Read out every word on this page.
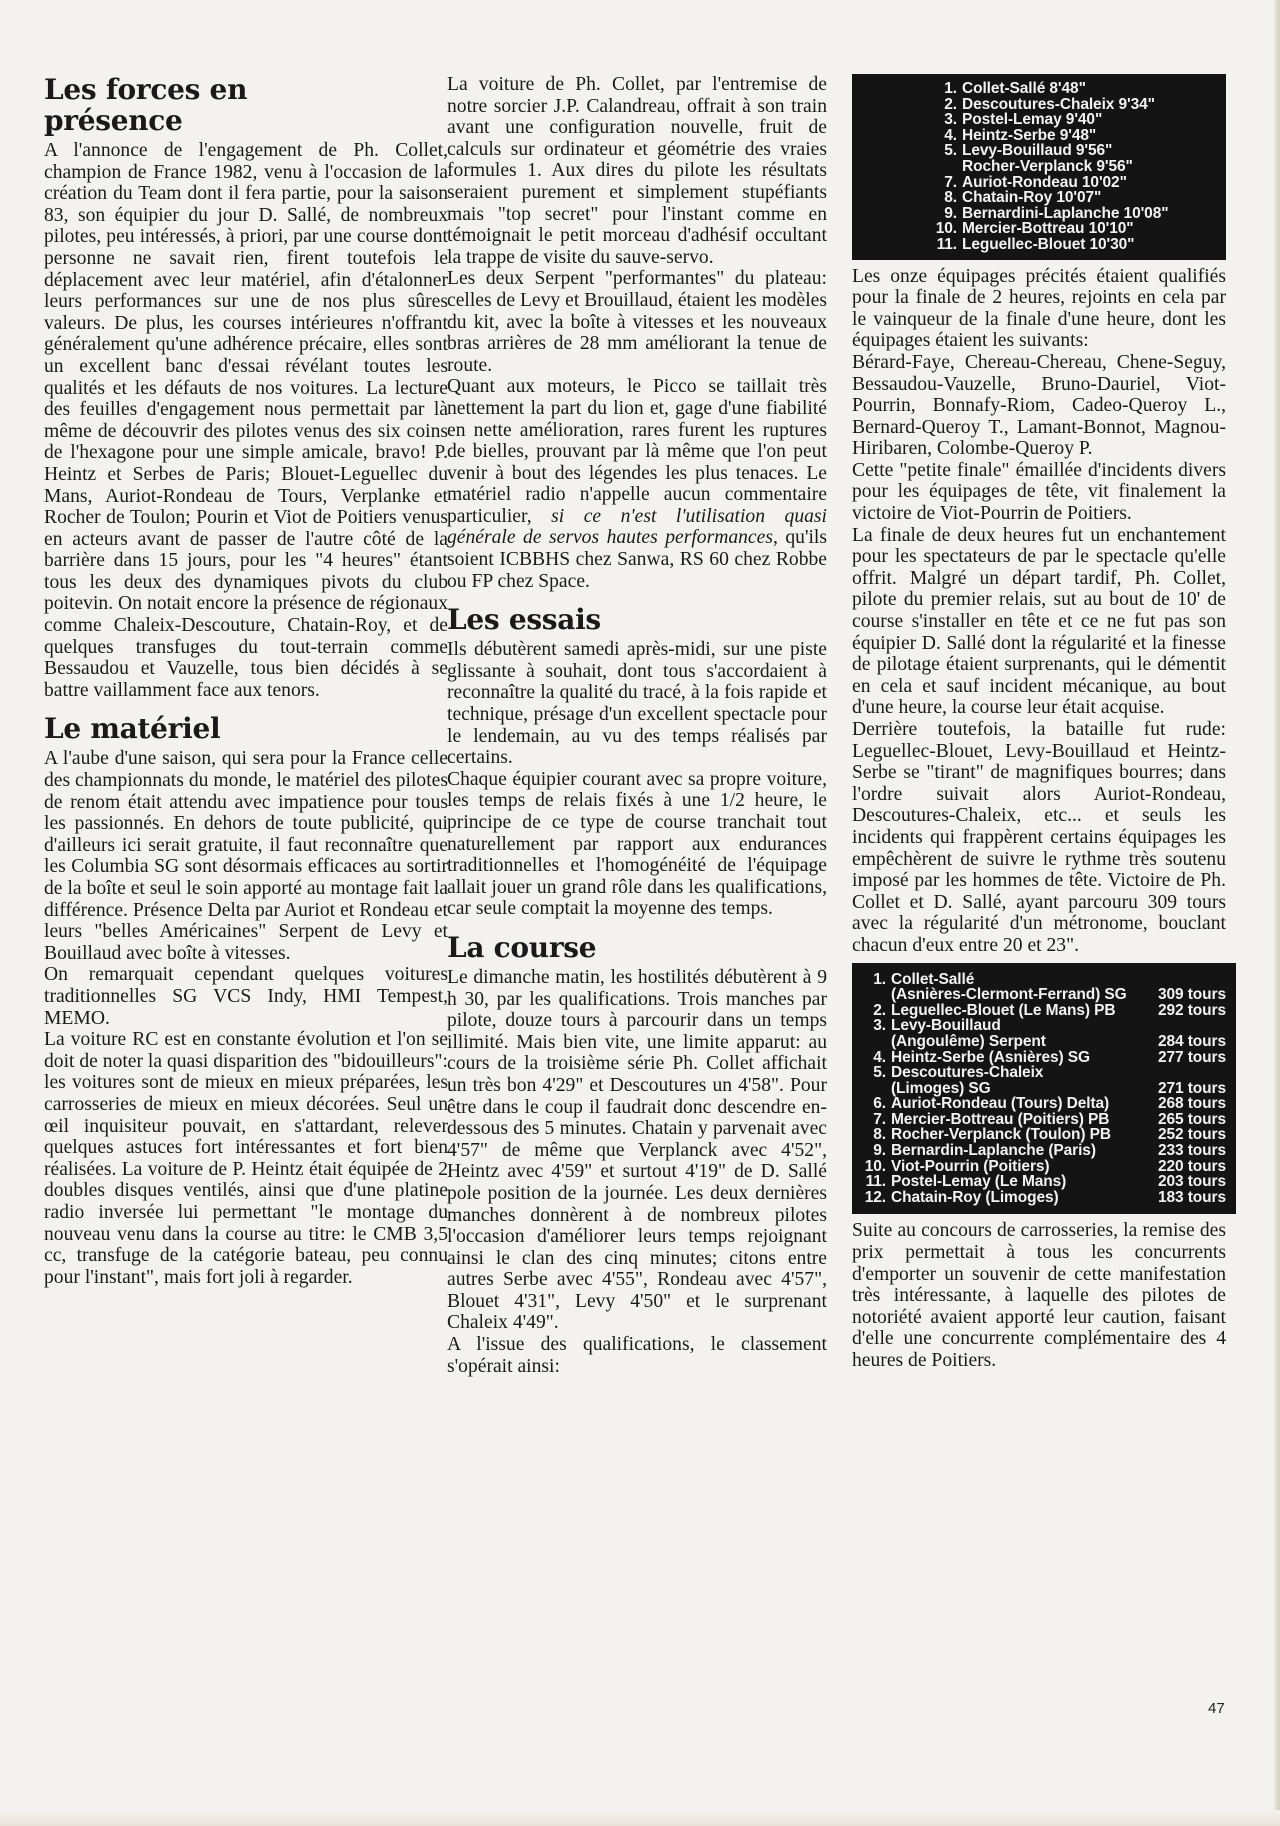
Les forces en présence

A l'annonce de l'engagement de Ph. Collet, champion de France 1982, venu à l'occasion de la création du Team dont il fera partie, pour la saison 83, son équipier du jour D. Sallé, de nombreux pilotes, peu intéressés, à priori, par une course dont personne ne savait rien, firent toutefois le déplacement avec leur matériel, afin d'étalonner leurs performances sur une de nos plus sûres valeurs. De plus, les courses intérieures n'offrant généralement qu'une adhérence précaire, elles sont un excellent banc d'essai révélant toutes les qualités et les défauts de nos voitures. La lecture des feuilles d'engagement nous permettait par là même de découvrir des pilotes venus des six coins de l'hexagone pour une simple amicale, bravo! P. Heintz et Serbes de Paris; Blouet-Leguellec du Mans, Auriot-Rondeau de Tours, Verplanke et Rocher de Toulon; Pourin et Viot de Poitiers venus en acteurs avant de passer de l'autre côté de la barrière dans 15 jours, pour les "4 heures" étant tous les deux des dynamiques pivots du club poitevin. On notait encore la présence de régionaux comme Chaleix-Descouture, Chatain-Roy, et de quelques transfuges du tout-terrain comme Bessaudou et Vauzelle, tous bien décidés à se battre vaillamment face aux tenors.

Le matériel

A l'aube d'une saison, qui sera pour la France celle des championnats du monde, le matériel des pilotes de renom était attendu avec impatience pour tous les passionnés. En dehors de toute publicité, qui d'ailleurs ici serait gratuite, il faut reconnaître que les Columbia SG sont désormais efficaces au sortir de la boîte et seul le soin apporté au montage fait la différence. Présence Delta par Auriot et Rondeau et leurs "belles Américaines" Serpent de Levy et Bouillaud avec boîte à vitesses.

On remarquait cependant quelques voitures traditionnelles SG VCS Indy, HMI Tempest, MEMO.

La voiture RC est en constante évolution et l'on se doit de noter la quasi disparition des "bidouilleurs": les voitures sont de mieux en mieux préparées, les carrosseries de mieux en mieux décorées. Seul un œil inquisiteur pouvait, en s'attardant, relever quelques astuces fort intéressantes et fort bien réalisées. La voiture de P. Heintz était équipée de 2 doubles disques ventilés, ainsi que d'une platine radio inversée lui permettant "le montage du nouveau venu dans la course au titre: le CMB 3,5 cc, transfuge de la catégorie bateau, peu connu pour l'instant", mais fort joli à regarder.

La voiture de Ph. Collet, par l'entremise de notre sorcier J.P. Calandreau, offrait à son train avant une configuration nouvelle, fruit de calculs sur ordinateur et géométrie des vraies formules 1. Aux dires du pilote les résultats seraient purement et simplement stupéfiants mais "top secret" pour l'instant comme en témoignait le petit morceau d'adhésif occultant la trappe de visite du sauve-servo.

Les deux Serpent "performantes" du plateau: celles de Levy et Brouillaud, étaient les modèles du kit, avec la boîte à vitesses et les nouveaux bras arrières de 28 mm améliorant la tenue de route.

Quant aux moteurs, le Picco se taillait très nettement la part du lion et, gage d'une fiabilité en nette amélioration, rares furent les ruptures de bielles, prouvant par là même que l'on peut venir à bout des légendes les plus tenaces. Le matériel radio n'appelle aucun commentaire particulier, si ce n'est l'utilisation quasi générale de servos hautes performances, qu'ils soient ICBBHS chez Sanwa, RS 60 chez Robbe ou FP chez Space.

Les essais

Ils débutèrent samedi après-midi, sur une piste glissante à souhait, dont tous s'accordaient à reconnaître la qualité du tracé, à la fois rapide et technique, présage d'un excellent spectacle pour le lendemain, au vu des temps réalisés par certains.

Chaque équipier courant avec sa propre voiture, les temps de relais fixés à une 1/2 heure, le principe de ce type de course tranchait tout naturellement par rapport aux endurances traditionnelles et l'homogénéité de l'équipage allait jouer un grand rôle dans les qualifications, car seule comptait la moyenne des temps.

La course

Le dimanche matin, les hostilités débutèrent à 9 h 30, par les qualifications. Trois manches par pilote, douze tours à parcourir dans un temps illimité. Mais bien vite, une limite apparut: au cours de la troisième série Ph. Collet affichait un très bon 4'29" et Descoutures un 4'58". Pour être dans le coup il faudrait donc descendre en-dessous des 5 minutes. Chatain y parvenait avec 4'57" de même que Verplanck avec 4'52", Heintz avec 4'59" et surtout 4'19" de D. Sallé pole position de la journée. Les deux dernières manches donnèrent à de nombreux pilotes l'occasion d'améliorer leurs temps rejoignant ainsi le clan des cinq minutes; citons entre autres Serbe avec 4'55", Rondeau avec 4'57", Blouet 4'31", Levy 4'50" et le surprenant Chaleix 4'49".

A l'issue des qualifications, le classement s'opérait ainsi:

1. Collet-Sallé 8'48"
2. Descoutures-Chaleix 9'34"
3. Postel-Lemay 9'40"
4. Heintz-Serbe 9'48"
5. Levy-Bouillaud 9'56"
Rocher-Verplanck 9'56"
7. Auriot-Rondeau 10'02"
8. Chatain-Roy 10'07"
9. Bernardini-Laplanche 10'08"
10. Mercier-Bottreau 10'10"
11. Leguellec-Blouet 10'30"

Les onze équipages précités étaient qualifiés pour la finale de 2 heures, rejoints en cela par le vainqueur de la finale d'une heure, dont les équipages étaient les suivants:

Bérard-Faye, Chereau-Chereau, Chene-Seguy, Bessaudou-Vauzelle, Bruno-Dauriel, Viot-Pourrin, Bonnafy-Riom, Cadeo-Queroy L., Bernard-Queroy T., Lamant-Bonnot, Magnou-Hiribaren, Colombe-Queroy P.

Cette "petite finale" émaillée d'incidents divers pour les équipages de tête, vit finalement la victoire de Viot-Pourrin de Poitiers.

La finale de deux heures fut un enchantement pour les spectateurs de par le spectacle qu'elle offrit. Malgré un départ tardif, Ph. Collet, pilote du premier relais, sut au bout de 10' de course s'installer en tête et ce ne fut pas son équipier D. Sallé dont la régularité et la finesse de pilotage étaient surprenants, qui le démentit en cela et sauf incident mécanique, au bout d'une heure, la course leur était acquise.

Derrière toutefois, la bataille fut rude: Leguellec-Blouet, Levy-Bouillaud et Heintz-Serbe se "tirant" de magnifiques bourres; dans l'ordre suivait alors Auriot-Rondeau, Descoutures-Chaleix, etc... et seuls les incidents qui frappèrent certains équipages les empêchèrent de suivre le rythme très soutenu imposé par les hommes de tête. Victoire de Ph. Collet et D. Sallé, ayant parcouru 309 tours avec la régularité d'un métronome, bouclant chacun d'eux entre 20 et 23".

1. Collet-Sallé
(Asnières-Clermont-Ferrand) SG	309 tours
2. Leguellec-Blouet (Le Mans) PB	292 tours
3. Levy-Bouillaud
(Angoulême) Serpent	284 tours
4. Heintz-Serbe (Asnières) SG	277 tours
5. Descoutures-Chaleix
(Limoges) SG	271 tours
6. Auriot-Rondeau (Tours) Delta)	268 tours
7. Mercier-Bottreau (Poitiers) PB	265 tours
8. Rocher-Verplanck (Toulon) PB	252 tours
9. Bernardin-Laplanche (Paris)	233 tours
10. Viot-Pourrin (Poitiers)	220 tours
11. Postel-Lemay (Le Mans)	203 tours
12. Chatain-Roy (Limoges)	183 tours

Suite au concours de carrosseries, la remise des prix permettait à tous les concurrents d'emporter un souvenir de cette manifestation très intéressante, à laquelle des pilotes de notoriété avaient apporté leur caution, faisant d'elle une concurrente complémentaire des 4 heures de Poitiers.

47
